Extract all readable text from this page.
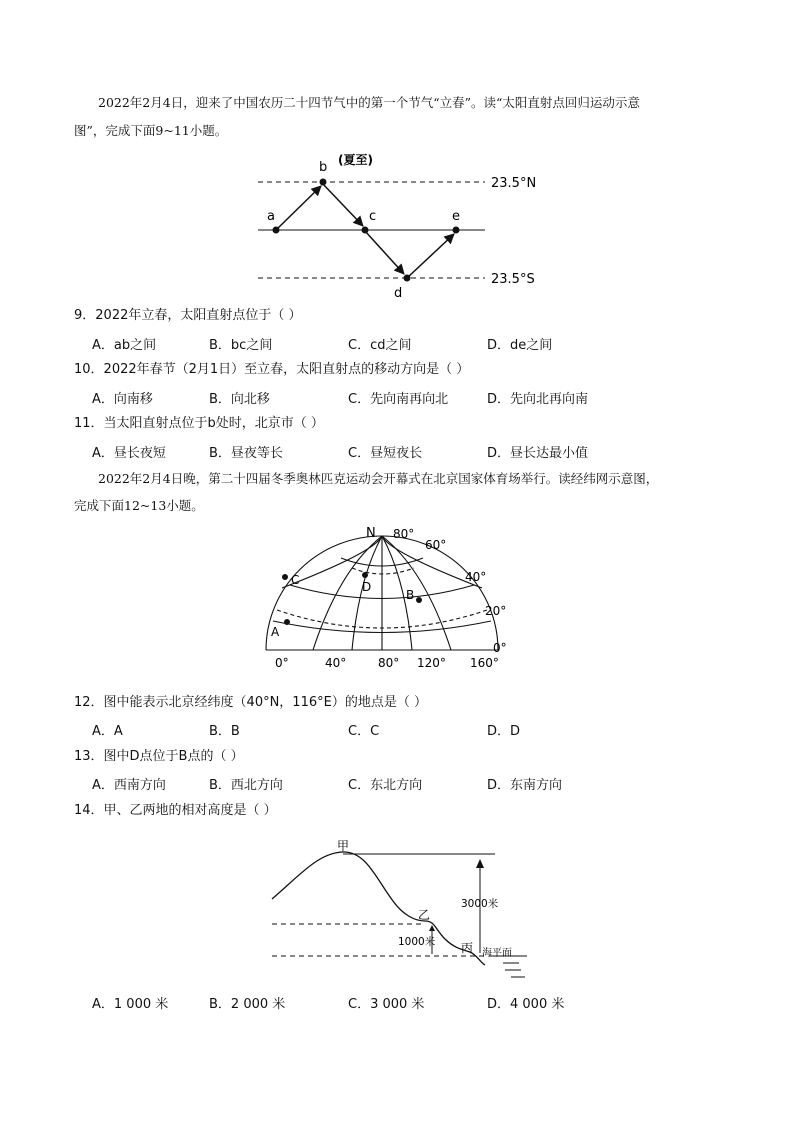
2022年2月4日，迎来了中国农历二十四节气中的第一个节气“立春”。读“太阳直射点回归运动示意
图”，完成下面9~11小题。
a
b
c
d
e
(夏至)
23.5°N
23.5°S
9．2022年立春，太阳直射点位于（ ）
A．ab之间	B．bc之间	C．cd之间	D．de之间
10．2022年春节（2月1日）至立春，太阳直射点的移动方向是（ ）
A．向南移	B．向北移	C．先向南再向北	D．先向北再向南
11．当太阳直射点位于b处时，北京市（ ）
A．昼长夜短	B．昼夜等长	C．昼短夜长	D．昼长达最小值
2022年2月4日晚，第二十四届冬季奥林匹克运动会开幕式在北京国家体育场举行。读经纬网示意图，
完成下面12~13小题。
N 80°
60°
40°
20°
0°
0°	40°	80° 120° 160°
A
B
C	D
12．图中能表示北京经纬度（40°N，116°E）的地点是（ ）
A．A	B．B	C．C	D．D
13．图中D点位于B点的（ ）
A．西南方向	B．西北方向	C．东北方向	D．东南方向
14．甲、乙两地的相对高度是（ ）
甲
乙
丙
3000米
1000米
海平面
A．1 000 米	B．2 000 米	C．3 000 米	D．4 000 米
